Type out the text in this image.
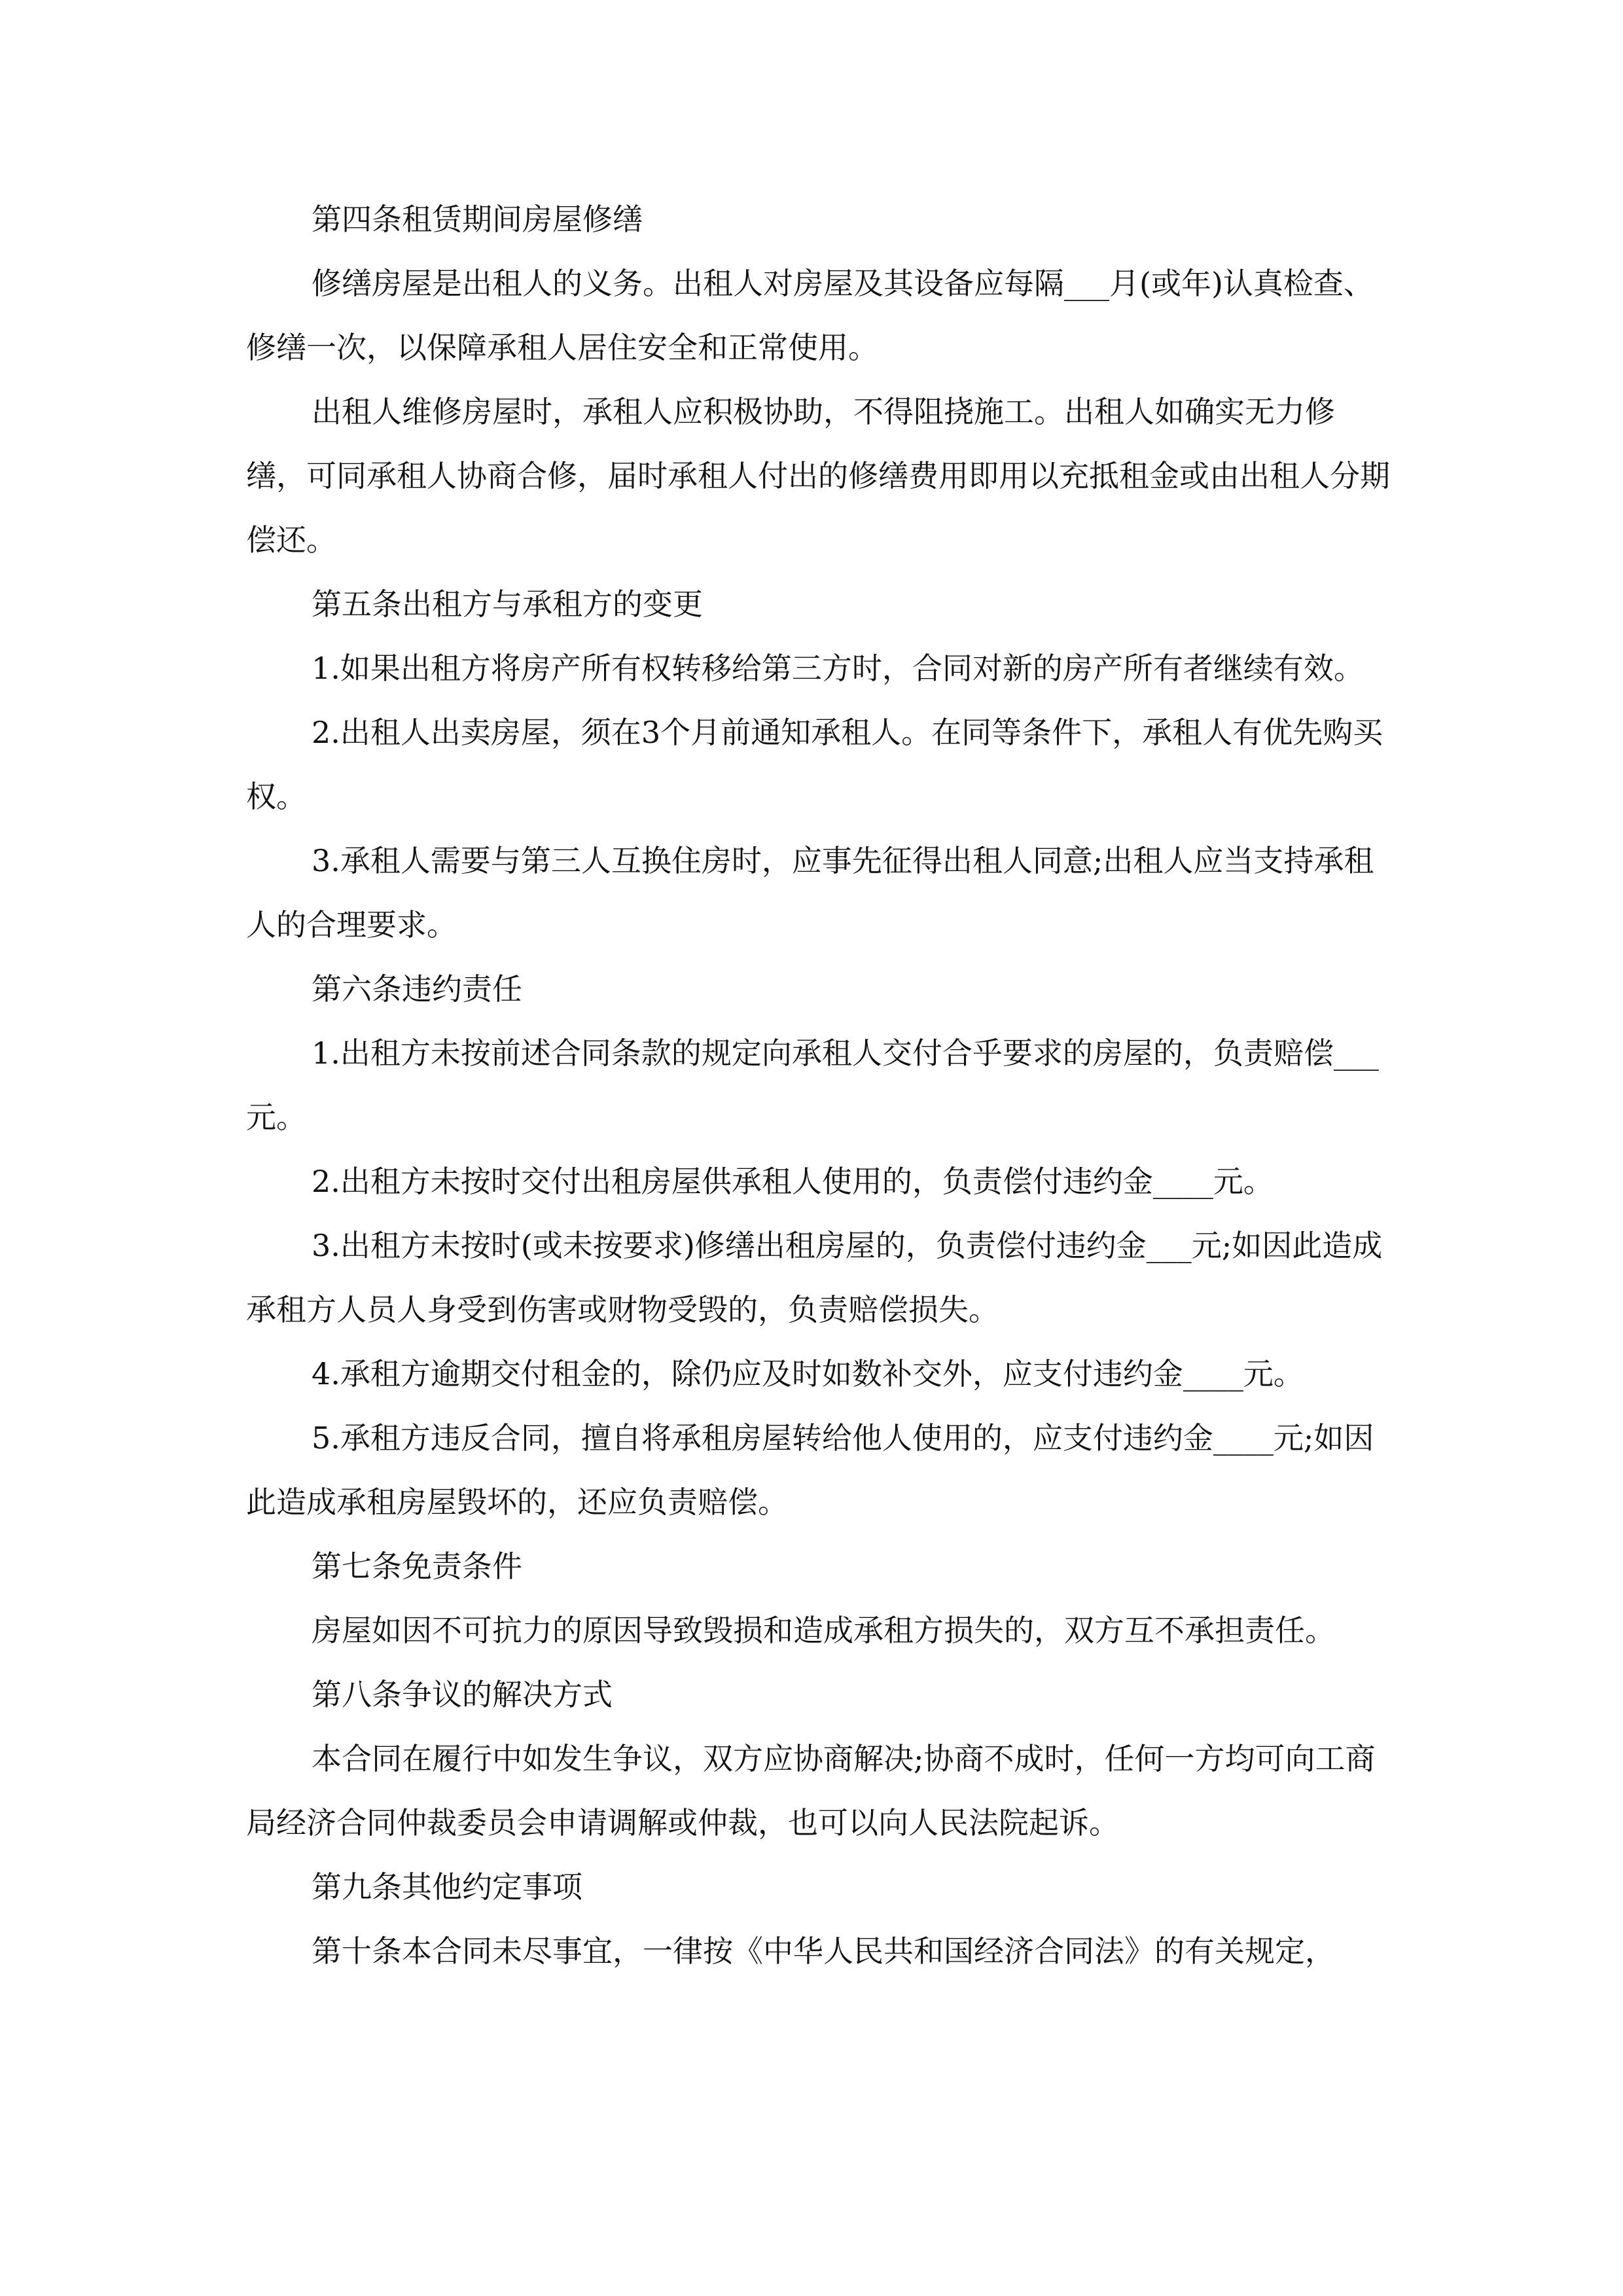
第四条租赁期间房屋修缮

修缮房屋是出租人的义务。出租人对房屋及其设备应每隔___月(或年)认真检查、修缮一次，以保障承租人居住安全和正常使用。

出租人维修房屋时，承租人应积极协助，不得阻挠施工。出租人如确实无力修缮，可同承租人协商合修，届时承租人付出的修缮费用即用以充抵租金或由出租人分期偿还。

第五条出租方与承租方的变更

1.如果出租方将房产所有权转移给第三方时，合同对新的房产所有者继续有效。

2.出租人出卖房屋，须在3个月前通知承租人。在同等条件下，承租人有优先购买权。

3.承租人需要与第三人互换住房时，应事先征得出租人同意;出租人应当支持承租人的合理要求。

第六条违约责任

1.出租方未按前述合同条款的规定向承租人交付合乎要求的房屋的，负责赔偿___元。

2.出租方未按时交付出租房屋供承租人使用的，负责偿付违约金____元。

3.出租方未按时(或未按要求)修缮出租房屋的，负责偿付违约金___元;如因此造成承租方人员人身受到伤害或财物受毁的，负责赔偿损失。

4.承租方逾期交付租金的，除仍应及时如数补交外，应支付违约金____元。

5.承租方违反合同，擅自将承租房屋转给他人使用的，应支付违约金____元;如因此造成承租房屋毁坏的，还应负责赔偿。

第七条免责条件

房屋如因不可抗力的原因导致毁损和造成承租方损失的，双方互不承担责任。

第八条争议的解决方式

本合同在履行中如发生争议，双方应协商解决;协商不成时，任何一方均可向工商局经济合同仲裁委员会申请调解或仲裁，也可以向人民法院起诉。

第九条其他约定事项

第十条本合同未尽事宜，一律按《中华人民共和国经济合同法》的有关规定，
